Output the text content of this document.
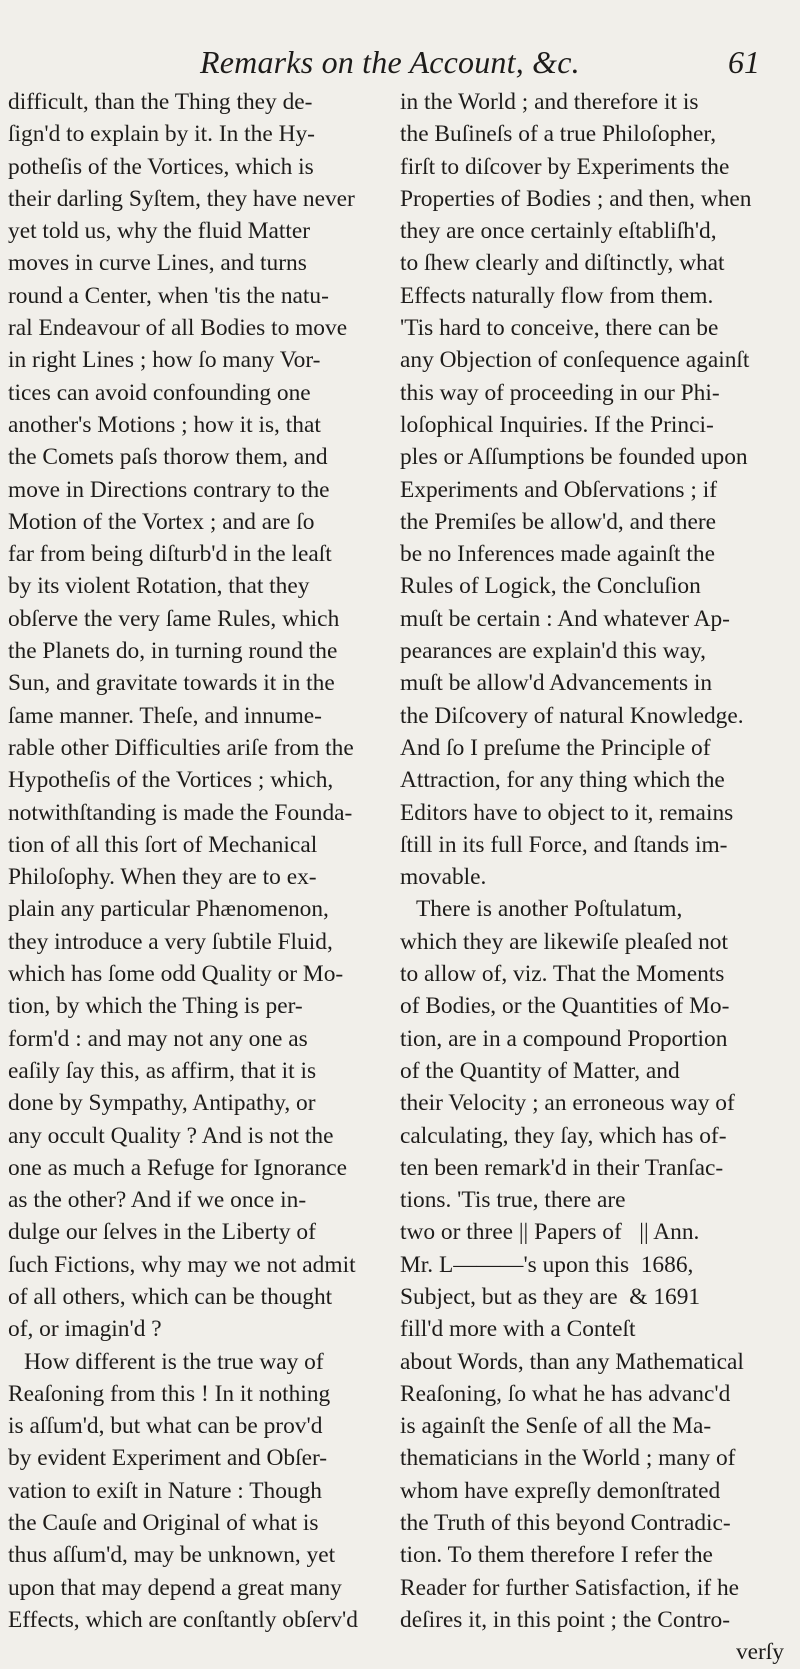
Remarks on the Account, &c.	61
difficult, than the Thing they de-
ſign'd to explain by it. In the Hy-
potheſis of the Vortices, which is
their darling Syſtem, they have never
yet told us, why the fluid Matter
moves in curve Lines, and turns
round a Center, when 'tis the natu-
ral Endeavour of all Bodies to move
in right Lines ; how ſo many Vor-
tices can avoid confounding one
another's Motions ; how it is, that
the Comets paſs thorow them, and
move in Directions contrary to the
Motion of the Vortex ; and are ſo
far from being diſturb'd in the leaſt
by its violent Rotation, that they
obſerve the very ſame Rules, which
the Planets do, in turning round the
Sun, and gravitate towards it in the
ſame manner. Theſe, and innume-
rable other Difficulties ariſe from the
Hypotheſis of the Vortices ; which,
notwithſtanding is made the Founda-
tion of all this ſort of Mechanical
Philoſophy. When they are to ex-
plain any particular Phænomenon,
they introduce a very ſubtile Fluid,
which has ſome odd Quality or Mo-
tion, by which the Thing is per-
form'd : and may not any one as
eaſily ſay this, as affirm, that it is
done by Sympathy, Antipathy, or
any occult Quality ? And is not the
one as much a Refuge for Ignorance
as the other? And if we once in-
dulge our ſelves in the Liberty of
ſuch Fictions, why may we not admit
of all others, which can be thought
of, or imagin'd ?
How different is the true way of
Reaſoning from this ! In it nothing
is aſſum'd, but what can be prov'd
by evident Experiment and Obſer-
vation to exiſt in Nature : Though
the Cauſe and Original of what is
thus aſſum'd, may be unknown, yet
upon that may depend a great many
Effects, which are conſtantly obſerv'd
in the World ; and therefore it is
the Buſineſs of a true Philoſopher,
firſt to diſcover by Experiments the
Properties of Bodies ; and then, when
they are once certainly eſtabliſh'd,
to ſhew clearly and diſtinctly, what
Effects naturally flow from them.
'Tis hard to conceive, there can be
any Objection of conſequence againſt
this way of proceeding in our Phi-
loſophical Inquiries. If the Princi-
ples or Aſſumptions be founded upon
Experiments and Obſervations ; if
the Premiſes be allow'd, and there
be no Inferences made againſt the
Rules of Logick, the Concluſion
muſt be certain : And whatever Ap-
pearances are explain'd this way,
muſt be allow'd Advancements in
the Diſcovery of natural Knowledge.
And ſo I preſume the Principle of
Attraction, for any thing which the
Editors have to object to it, remains
ſtill in its full Force, and ſtands im-
movable.
There is another Poſtulatum,
which they are likewiſe pleaſed not
to allow of, viz. That the Moments
of Bodies, or the Quantities of Mo-
tion, are in a compound Proportion
of the Quantity of Matter, and
their Velocity ; an erroneous way of
calculating, they ſay, which has of-
ten been remark'd in their Tranſac-
tions. 'Tis true, there are
two or three || Papers of   || Ann.
Mr. L———'s upon this  1686,
Subject, but as they are  & 1691
fill'd more with a Conteſt
about Words, than any Mathematical
Reaſoning, ſo what he has advanc'd
is againſt the Senſe of all the Ma-
thematicians in the World ; many of
whom have expreſly demonſtrated
the Truth of this beyond Contradic-
tion. To them therefore I refer the
Reader for further Satisfaction, if he
deſires it, in this point ; the Contro-
verſy
